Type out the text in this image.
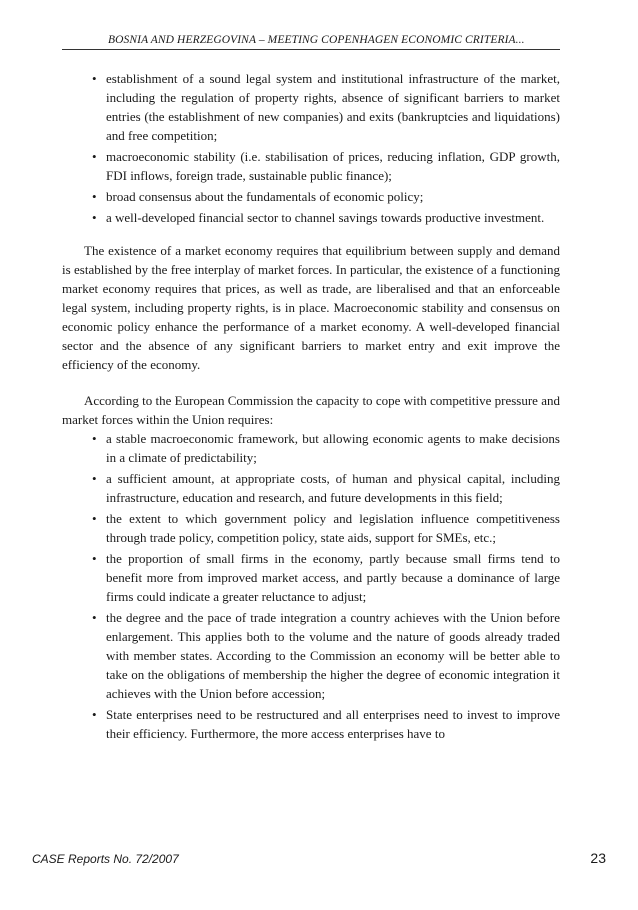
BOSNIA AND HERZEGOVINA – MEETING COPENHAGEN ECONOMIC CRITERIA...
• establishment of a sound legal system and institutional infrastructure of the market, including the regulation of property rights, absence of significant barriers to market entries (the establishment of new companies) and exits (bankruptcies and liquidations) and free competition;
• macroeconomic stability (i.e. stabilisation of prices, reducing inflation, GDP growth, FDI inflows, foreign trade, sustainable public finance);
• broad consensus about the fundamentals of economic policy;
• a well-developed financial sector to channel savings towards productive investment.

The existence of a market economy requires that equilibrium between supply and demand is established by the free interplay of market forces. In particular, the existence of a functioning market economy requires that prices, as well as trade, are liberalised and that an enforceable legal system, including property rights, is in place. Macroeconomic stability and consensus on economic policy enhance the performance of a market economy. A well-developed financial sector and the absence of any significant barriers to market entry and exit improve the efficiency of the economy.

According to the European Commission the capacity to cope with competitive pressure and market forces within the Union requires:

• a stable macroeconomic framework, but allowing economic agents to make decisions in a climate of predictability;
• a sufficient amount, at appropriate costs, of human and physical capital, including infrastructure, education and research, and future developments in this field;
• the extent to which government policy and legislation influence competitiveness through trade policy, competition policy, state aids, support for SMEs, etc.;
• the proportion of small firms in the economy, partly because small firms tend to benefit more from improved market access, and partly because a dominance of large firms could indicate a greater reluctance to adjust;
• the degree and the pace of trade integration a country achieves with the Union before enlargement. This applies both to the volume and the nature of goods already traded with member states. According to the Commission an economy will be better able to take on the obligations of membership the higher the degree of economic integration it achieves with the Union before accession;
• State enterprises need to be restructured and all enterprises need to invest to improve their efficiency. Furthermore, the more access enterprises have to
CASE Reports No. 72/2007	23
